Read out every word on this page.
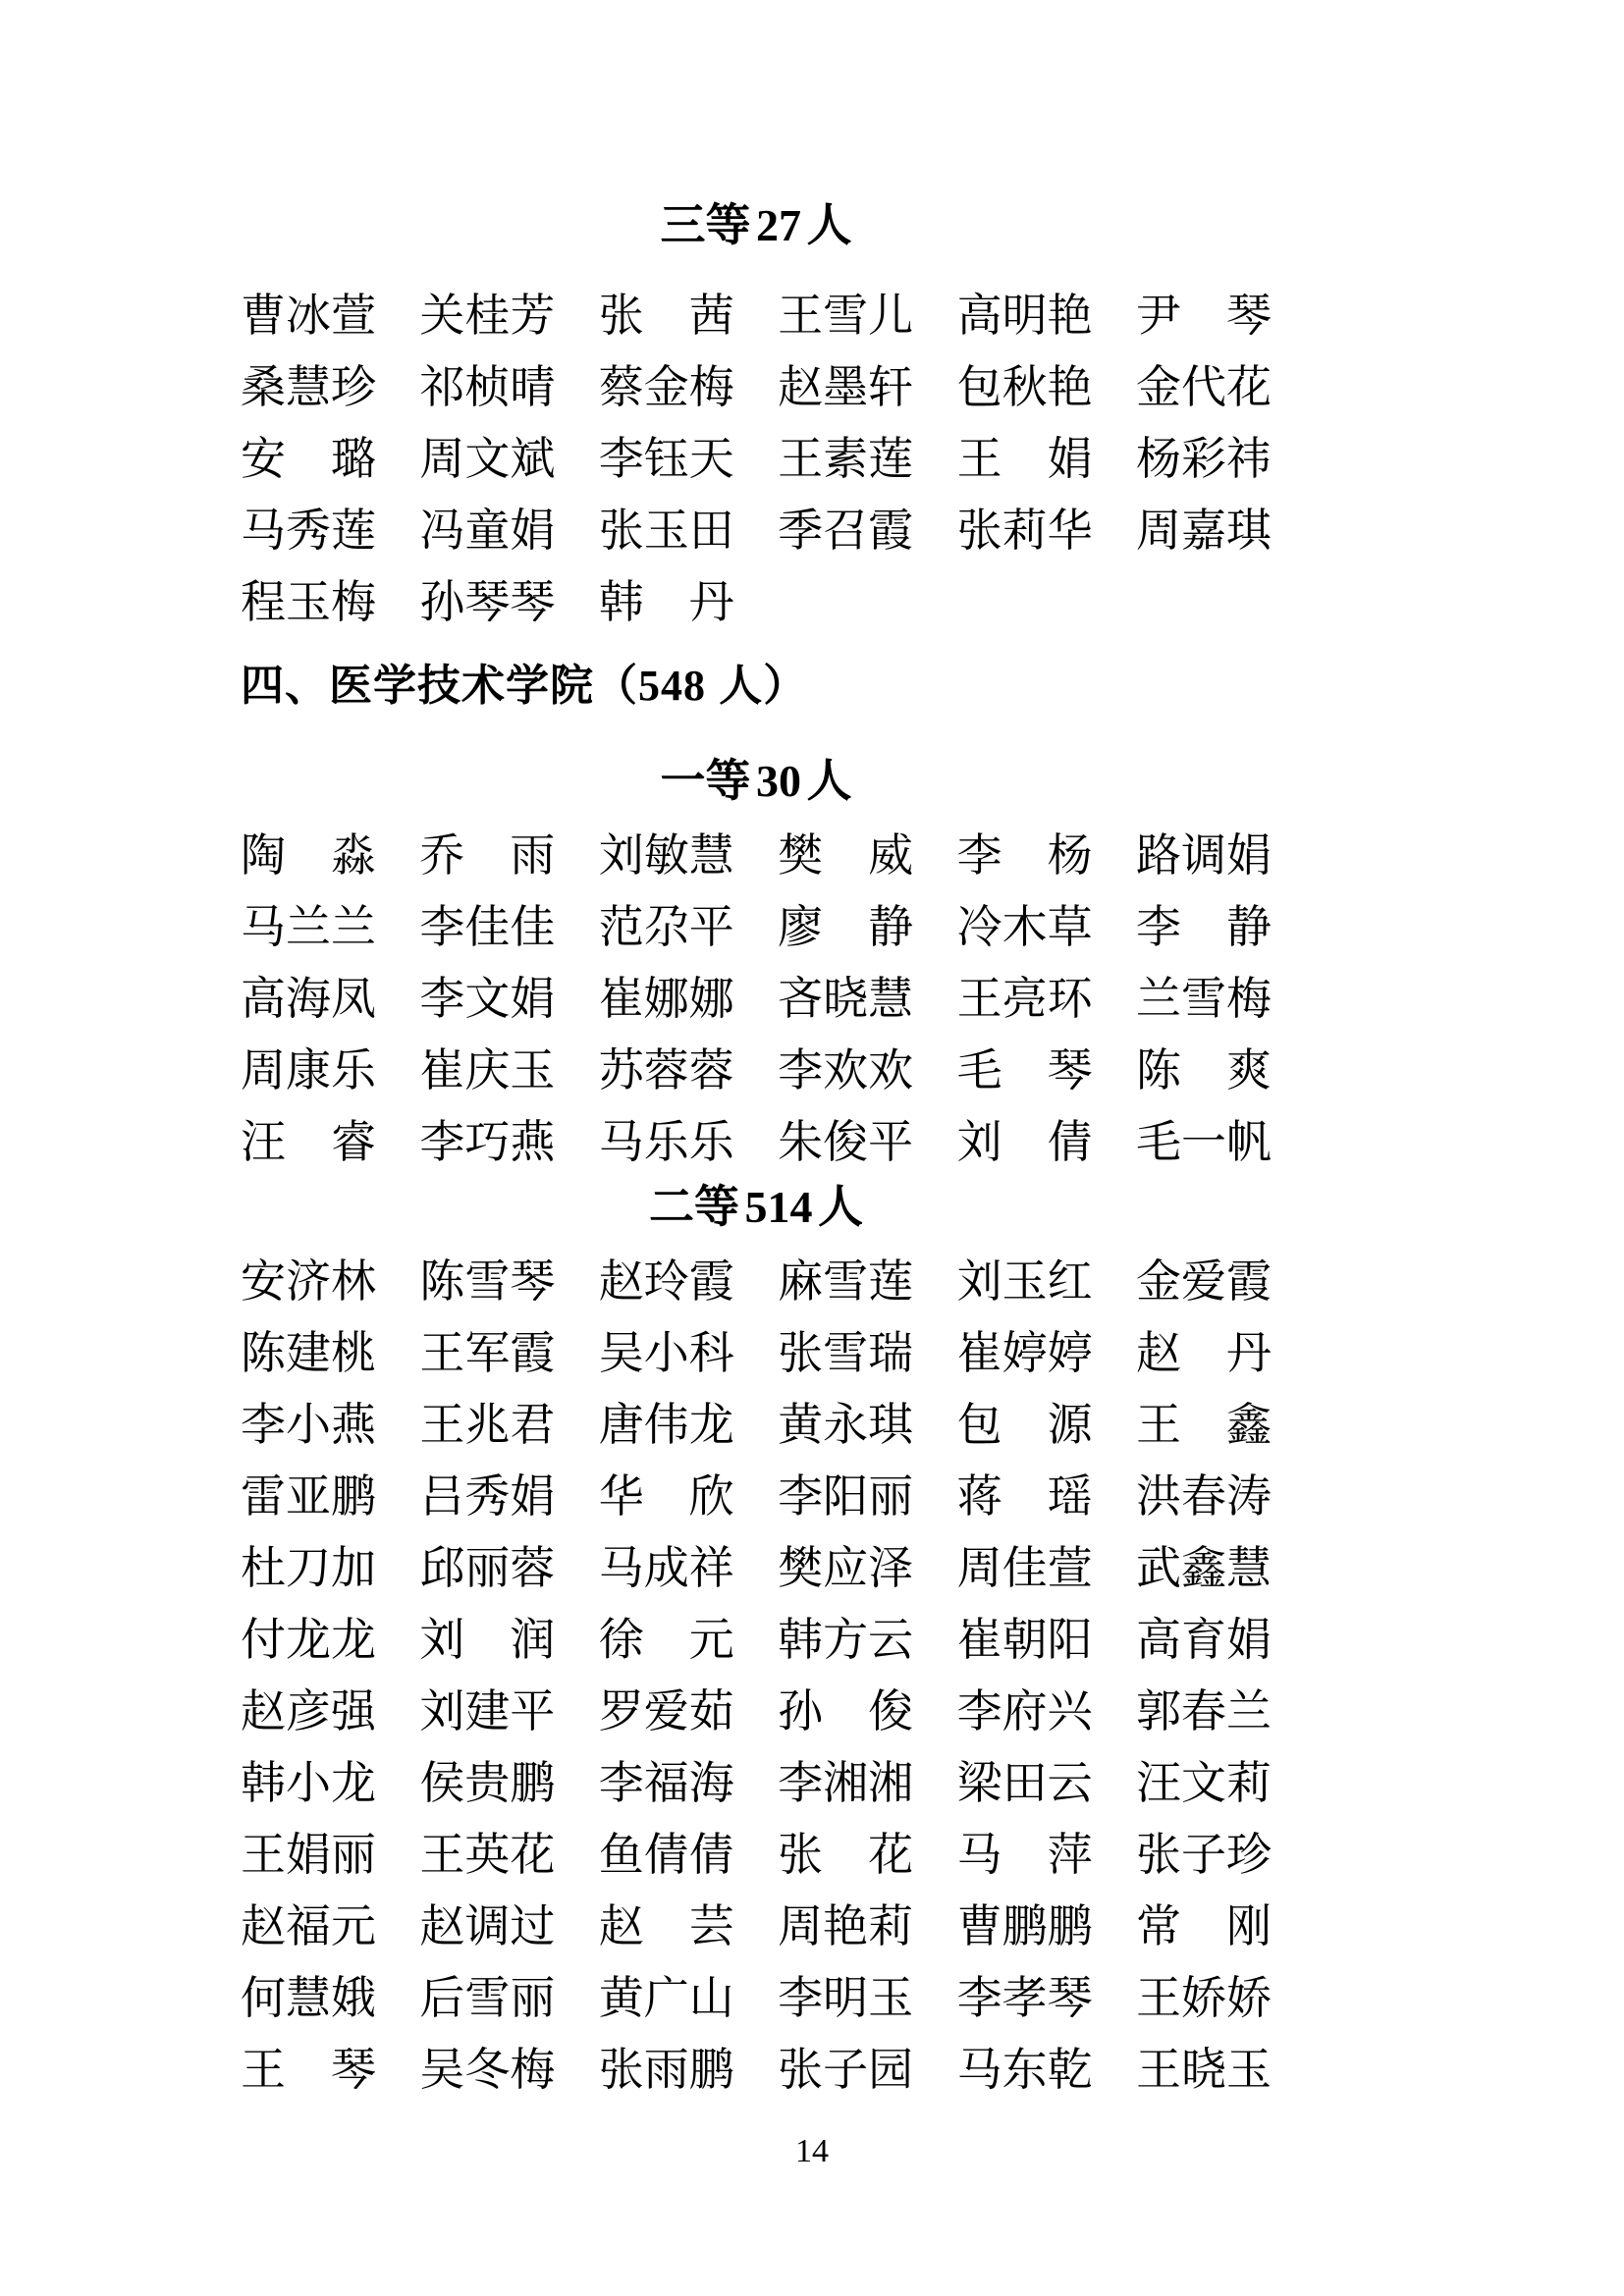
三等 27 人
曹 冰 萱 关 桂 芳 张 茜 王 雪 儿 高 明 艳 尹 琴
桑 慧 珍 祁 桢 晴 蔡 金 梅 赵 墨 轩 包 秋 艳 金 代 花
安 璐 周 文 斌 李 钰 天 王 素 莲 王 娟 杨 彩 祎
马 秀 莲 冯 童 娟 张 玉 田 季 召 霞 张 莉 华 周 嘉 琪
程 玉 梅 孙 琴 琴 韩 丹
四、医学技术学院（548 人）
一等 30 人
陶 淼 乔 雨 刘 敏 慧 樊 威 李 杨 路 调 娟
马 兰 兰 李 佳 佳 范 尕 平 廖 静 冷 木 草 李 静
高 海 凤 李 文 娟 崔 娜 娜 吝 晓 慧 王 亮 环 兰 雪 梅
周 康 乐 崔 庆 玉 苏 蓉 蓉 李 欢 欢 毛 琴 陈 爽
汪 睿 李 巧 燕 马 乐 乐 朱 俊 平 刘 倩 毛 一 帆
二等 514 人
安 济 林 陈 雪 琴 赵 玲 霞 麻 雪 莲 刘 玉 红 金 爱 霞
陈 建 桃 王 军 霞 吴 小 科 张 雪 瑞 崔 婷 婷 赵 丹
李 小 燕 王 兆 君 唐 伟 龙 黄 永 琪 包 源 王 鑫
雷 亚 鹏 吕 秀 娟 华 欣 李 阳 丽 蒋 瑶 洪 春 涛
杜 刀 加 邱 丽 蓉 马 成 祥 樊 应 泽 周 佳 萱 武 鑫 慧
付 龙 龙 刘 润 徐 元 韩 方 云 崔 朝 阳 高 育 娟
赵 彦 强 刘 建 平 罗 爱 茹 孙 俊 李 府 兴 郭 春 兰
韩 小 龙 侯 贵 鹏 李 福 海 李 湘 湘 梁 田 云 汪 文 莉
王 娟 丽 王 英 花 鱼 倩 倩 张 花 马 萍 张 子 珍
赵 福 元 赵 调 过 赵 芸 周 艳 莉 曹 鹏 鹏 常 刚
何 慧 娥 后 雪 丽 黄 广 山 李 明 玉 李 孝 琴 王 娇 娇
王 琴 吴 冬 梅 张 雨 鹏 张 子 园 马 东 乾 王 晓 玉
14
